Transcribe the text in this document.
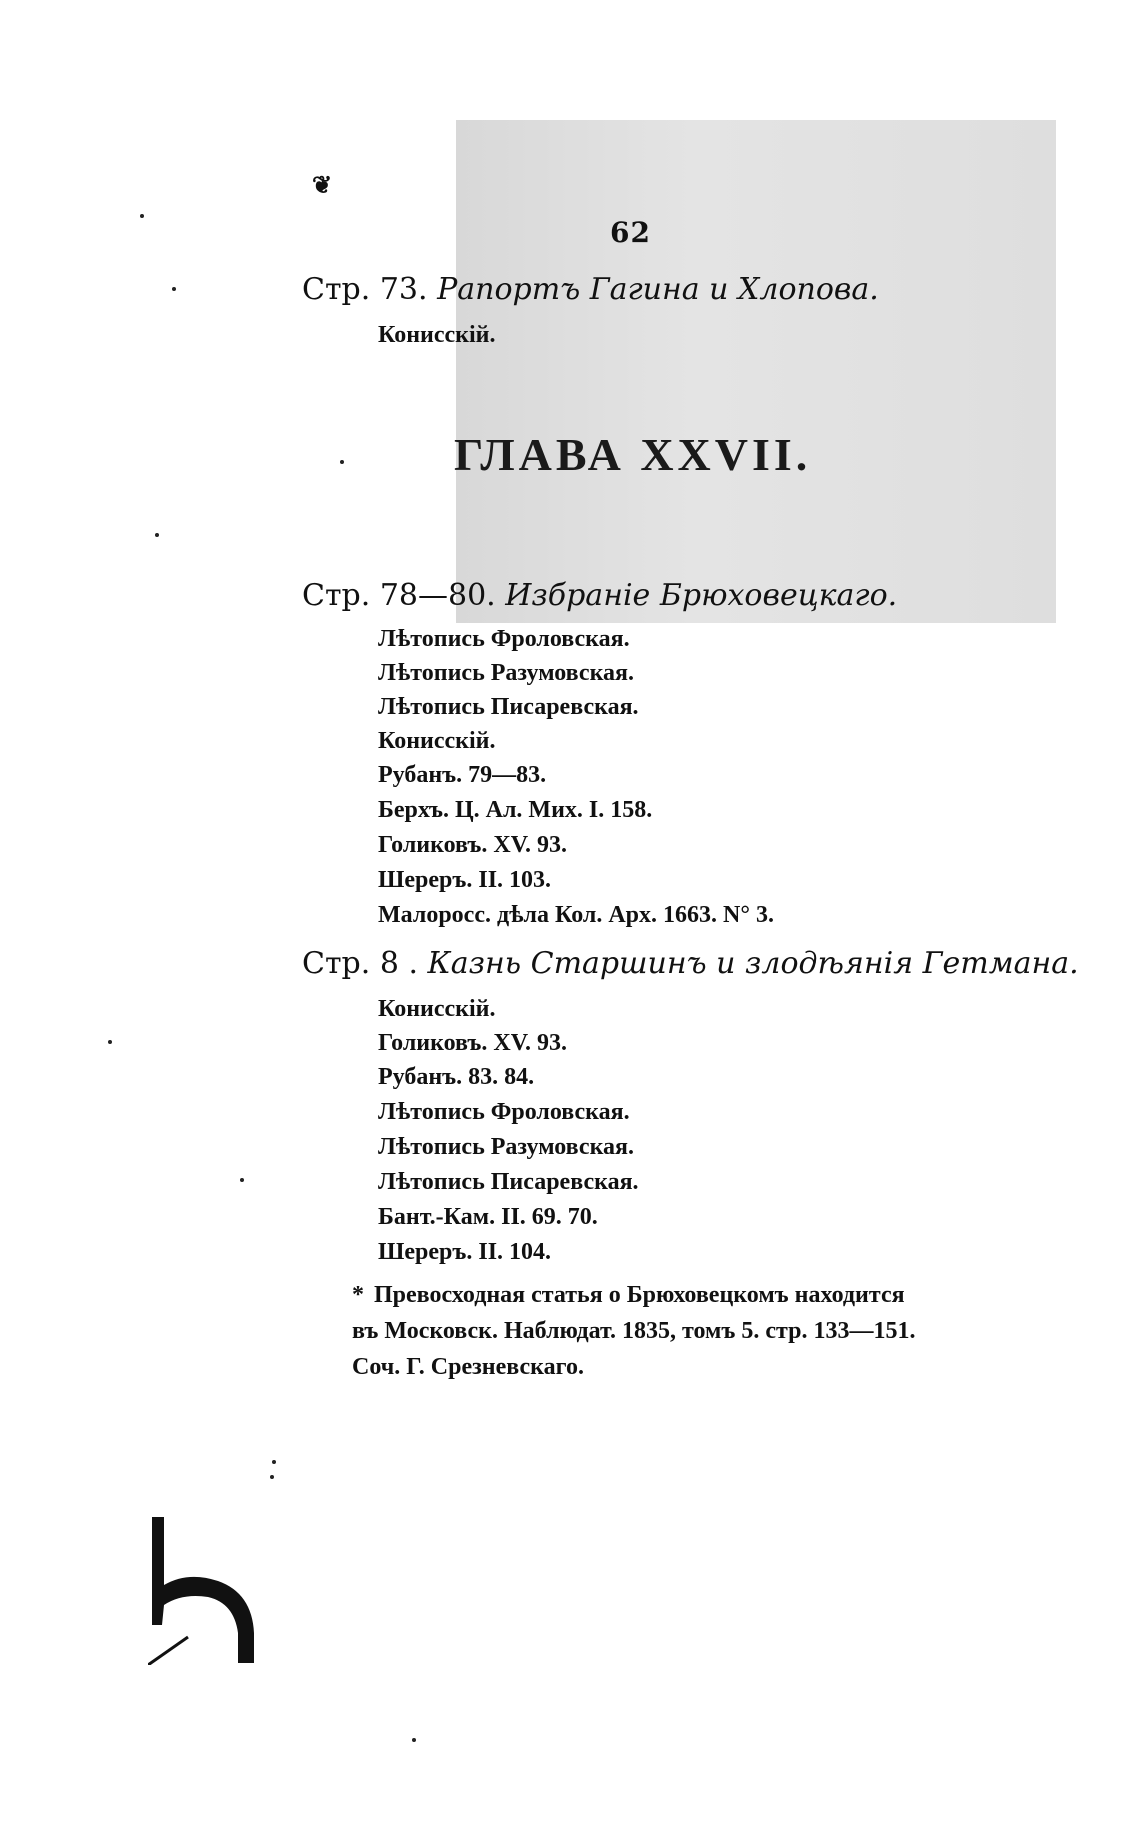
62
Стр. 73. Рапортъ Гагина и Хлопова.
Конисскій.
ГЛАВА XXVII.
Стр. 78—80. Избраніе Брюховецкаго.
Лѣтопись Фроловская.
Лѣтопись Разумовская.
Лѣтопись Писаревская.
Конисскій.
Рубанъ. 79—83.
Берхъ. Ц. Ал. Мих. I. 158.
Голиковъ. XV. 93.
Шереръ. II. 103.
Малоросс. дѣла Кол. Арх. 1663. N° 3.
Стр. 8 . Казнь Старшинъ и злодѣянія Гетмана.
Конисскій.
Голиковъ. XV. 93.
Рубанъ. 83. 84.
Лѣтопись Фроловская.
Лѣтопись Разумовская.
Лѣтопись Писаревская.
Бант.-Кам. II. 69. 70.
Шереръ. II. 104.
* Превосходная статья о Брюховецкомъ находится
въ Московск. Наблюдат. 1835, томъ 5. стр. 133—151.
Соч. Г. Срезневскаго.
❦
